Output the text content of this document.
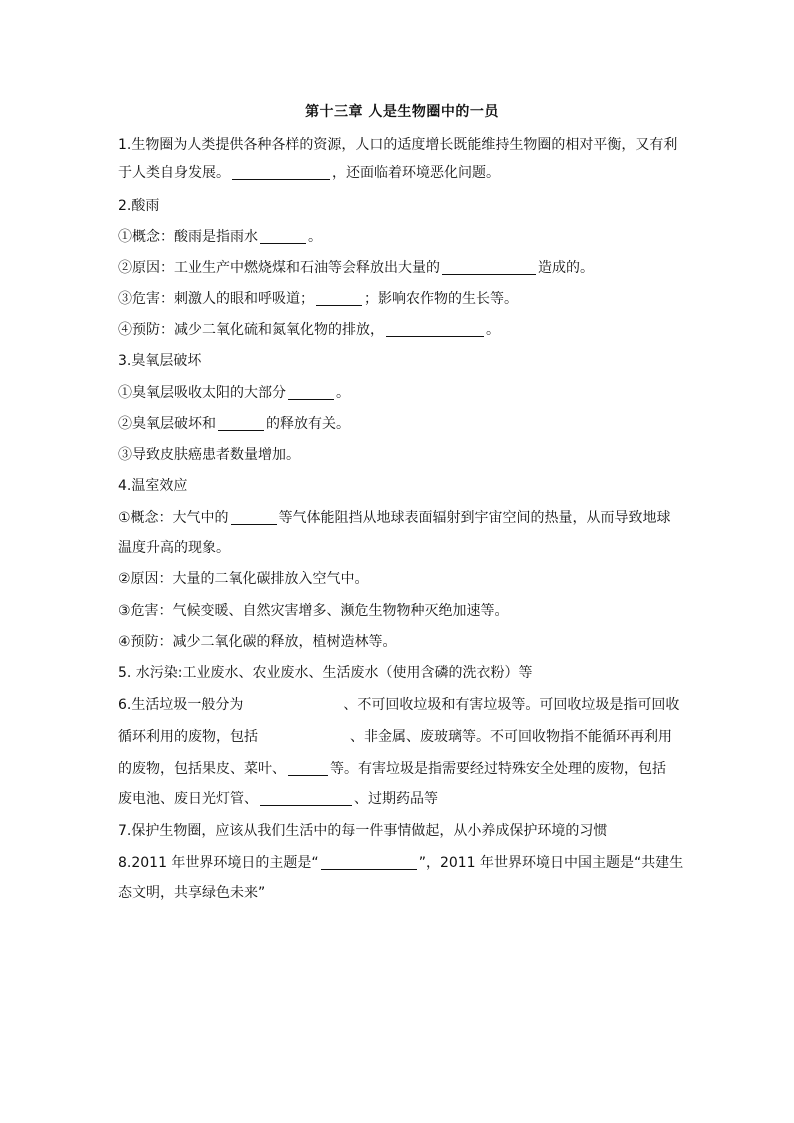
第十三章 人是生物圈中的一员
1.生物圈为人类提供各种各样的资源，人口的适度增长既能维持生物圈的相对平衡，又有利
于人类自身发展。	，还面临着环境恶化问题。
2.酸雨
①概念：酸雨是指雨水	。
②原因：工业生产中燃烧煤和石油等会释放出大量的	造成的。
③危害：刺激人的眼和呼吸道；	；影响农作物的生长等。
④预防：减少二氧化硫和氮氧化物的排放，	。
3.臭氧层破坏
①臭氧层吸收太阳的大部分	。
②臭氧层破坏和	的释放有关。
③导致皮肤癌患者数量增加。
4.温室效应
①概念：大气中的	等气体能阻挡从地球表面辐射到宇宙空间的热量，从而导致地球
温度升高的现象。
②原因：大量的二氧化碳排放入空气中。
③危害：气候变暖、自然灾害增多、濒危生物物种灭绝加速等。
④预防：减少二氧化碳的释放，植树造林等。
5. 水污染:工业废水、农业废水、生活废水（使用含磷的洗衣粉）等
6.生活垃圾一般分为	、不可回收垃圾和有害垃圾等。可回收垃圾是指可回收
循环利用的废物，包括	、非金属、废玻璃等。不可回收物指不能循环再利用
的废物，包括果皮、菜叶、	等。有害垃圾是指需要经过特殊安全处理的废物，包括
废电池、废日光灯管、	、过期药品等
7.保护生物圈，应该从我们生活中的每一件事情做起，从小养成保护环境的习惯
8.2011 年世界环境日的主题是“	”，2011 年世界环境日中国主题是“共建生
态文明，共享绿色未来”
